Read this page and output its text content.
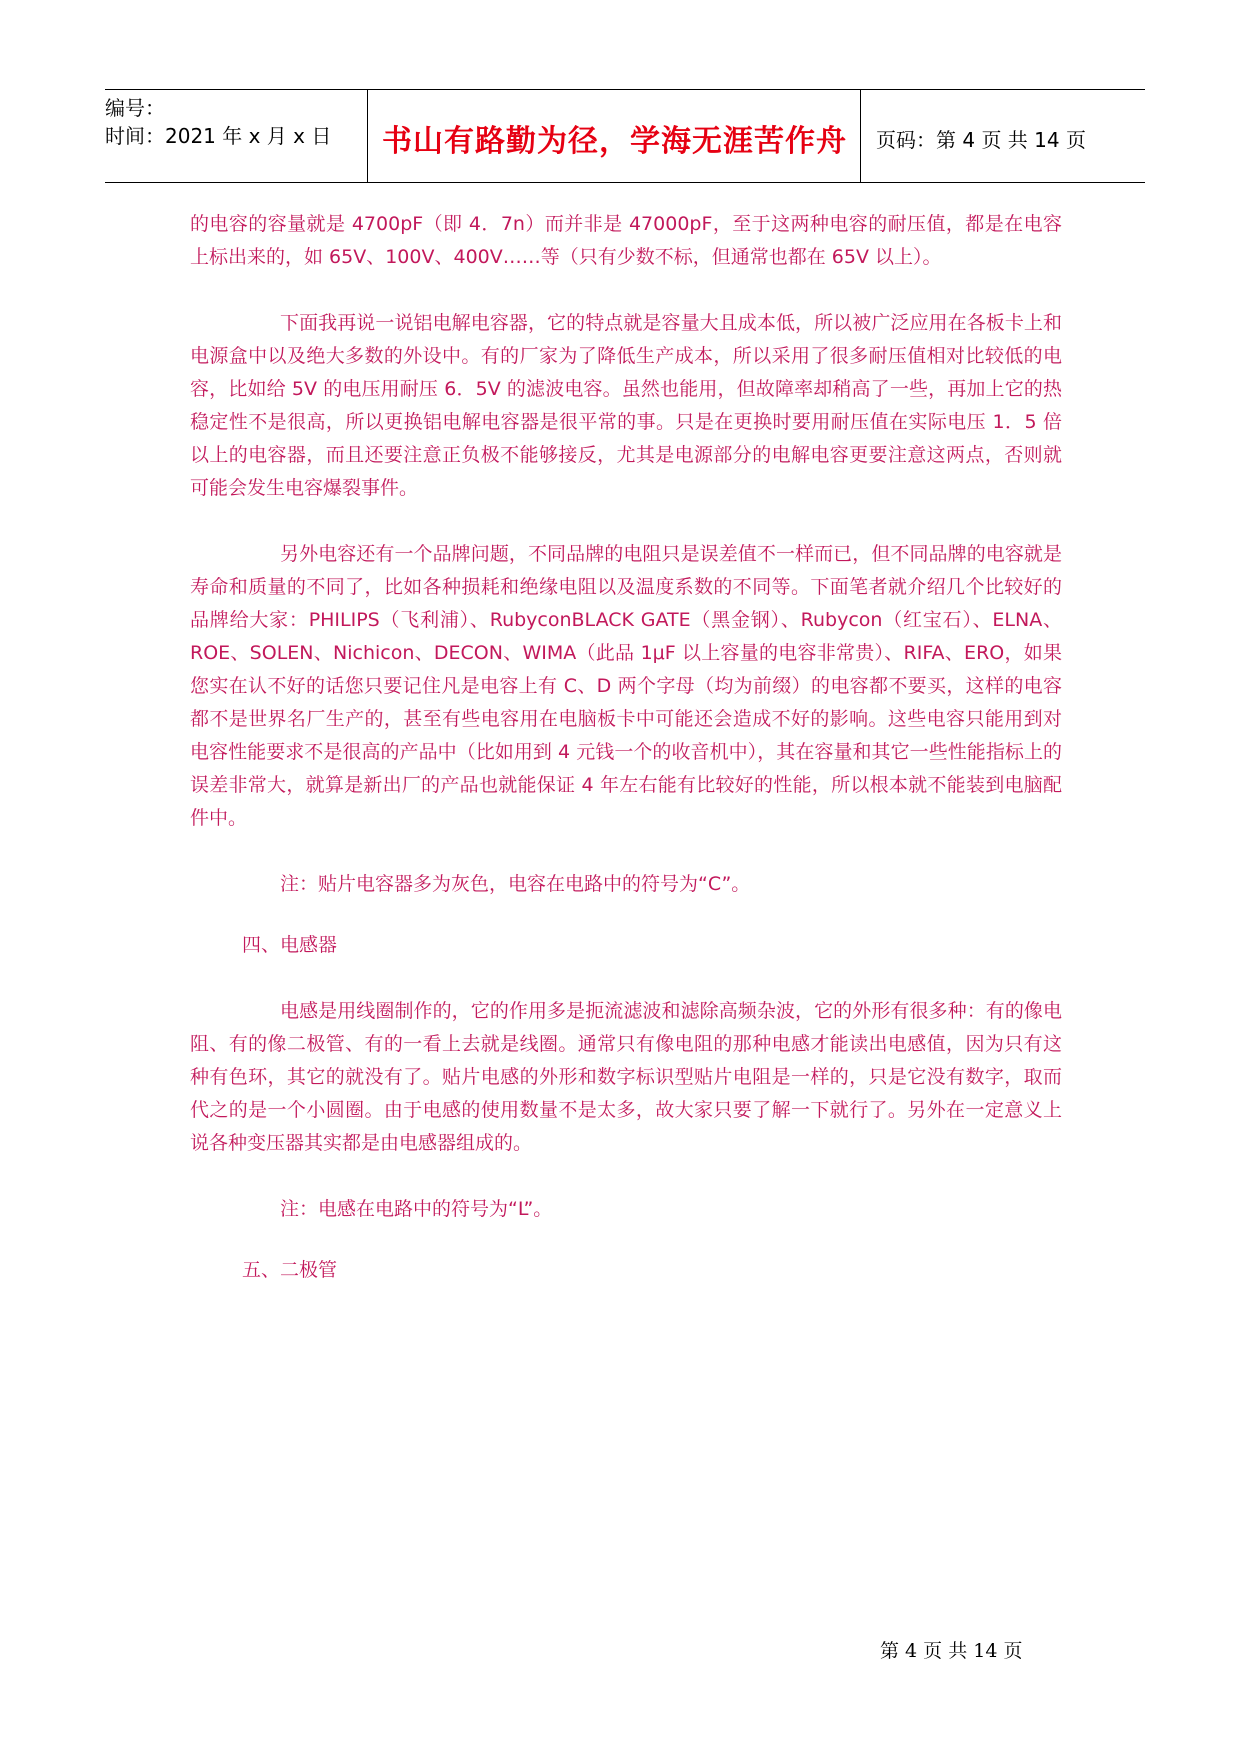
编号：
时间：2021 年 x 月 x 日	书山有路勤为径，学海无涯苦作舟	页码：第 4 页 共 14 页

的电容的容量就是 4700pF（即 4．7n）而并非是 47000pF，至于这两种电容的耐压值，都是在电容上标出来的，如 65V、100V、400V……等（只有少数不标，但通常也都在 65V 以上）。

下面我再说一说铝电解电容器，它的特点就是容量大且成本低，所以被广泛应用在各板卡上和电源盒中以及绝大多数的外设中。有的厂家为了降低生产成本，所以采用了很多耐压值相对比较低的电容，比如给 5V 的电压用耐压 6．5V 的滤波电容。虽然也能用，但故障率却稍高了一些，再加上它的热稳定性不是很高，所以更换铝电解电容器是很平常的事。只是在更换时要用耐压值在实际电压 1．5 倍以上的电容器，而且还要注意正负极不能够接反，尤其是电源部分的电解电容更要注意这两点，否则就可能会发生电容爆裂事件。

另外电容还有一个品牌问题，不同品牌的电阻只是误差值不一样而已，但不同品牌的电容就是寿命和质量的不同了，比如各种损耗和绝缘电阻以及温度系数的不同等。下面笔者就介绍几个比较好的品牌给大家：PHILIPS（飞利浦）、RubyconBLACK GATE（黑金钢）、Rubycon（红宝石）、ELNA、ROE、SOLEN、Nichicon、DECON、WIMA（此品 1μF 以上容量的电容非常贵）、RIFA、ERO，如果您实在认不好的话您只要记住凡是电容上有 C、D 两个字母（均为前缀）的电容都不要买，这样的电容都不是世界名厂生产的，甚至有些电容用在电脑板卡中可能还会造成不好的影响。这些电容只能用到对电容性能要求不是很高的产品中（比如用到 4 元钱一个的收音机中），其在容量和其它一些性能指标上的误差非常大，就算是新出厂的产品也就能保证 4 年左右能有比较好的性能，所以根本就不能装到电脑配件中。

注：贴片电容器多为灰色，电容在电路中的符号为“C”。

四、电感器

电感是用线圈制作的，它的作用多是扼流滤波和滤除高频杂波，它的外形有很多种：有的像电阻、有的像二极管、有的一看上去就是线圈。通常只有像电阻的那种电感才能读出电感值，因为只有这种有色环，其它的就没有了。贴片电感的外形和数字标识型贴片电阻是一样的，只是它没有数字，取而代之的是一个小圆圈。由于电感的使用数量不是太多，故大家只要了解一下就行了。另外在一定意义上说各种变压器其实都是由电感器组成的。

注：电感在电路中的符号为“L”。

五、二极管

第 4 页 共 14 页
